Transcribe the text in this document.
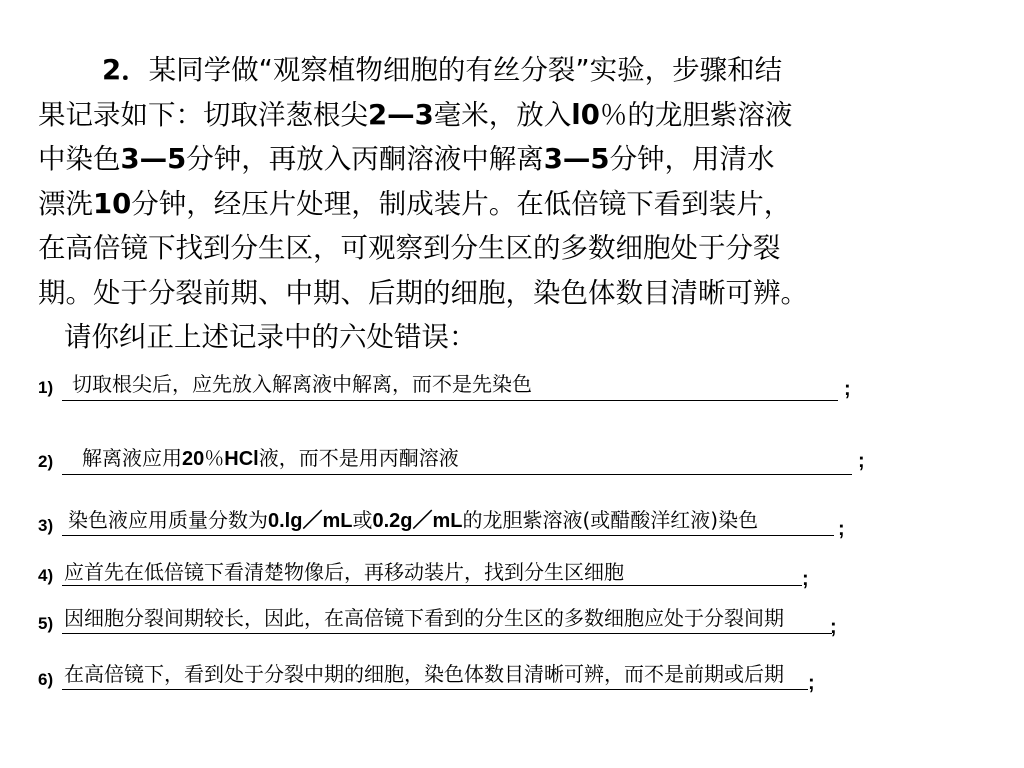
2．某同学做“观察植物细胞的有丝分裂”实验，步骤和结
果记录如下：切取洋葱根尖2—3毫米，放入l0％的龙胆紫溶液
中染色3—5分钟，再放入丙酮溶液中解离3—5分钟，用清水
漂洗10分钟，经压片处理，制成装片。在低倍镜下看到装片，
在高倍镜下找到分生区，可观察到分生区的多数细胞处于分裂
期。处于分裂前期、中期、后期的细胞，染色体数目清晰可辨。
请你纠正上述记录中的六处错误：
1) 切取根尖后，应先放入解离液中解离，而不是先染色	;
2) 解离液应用20％HCl液，而不是用丙酮溶液	;
3) 染色液应用质量分数为0.lg／mL或0.2g／mL的龙胆紫溶液(或醋酸洋红液)染色	;
4) 应首先在低倍镜下看清楚物像后，再移动装片，找到分生区细胞	;
5) 因细胞分裂间期较长，因此，在高倍镜下看到的分生区的多数细胞应处于分裂间期 ;
6) 在高倍镜下，看到处于分裂中期的细胞，染色体数目清晰可辨，而不是前期或后期 ;
